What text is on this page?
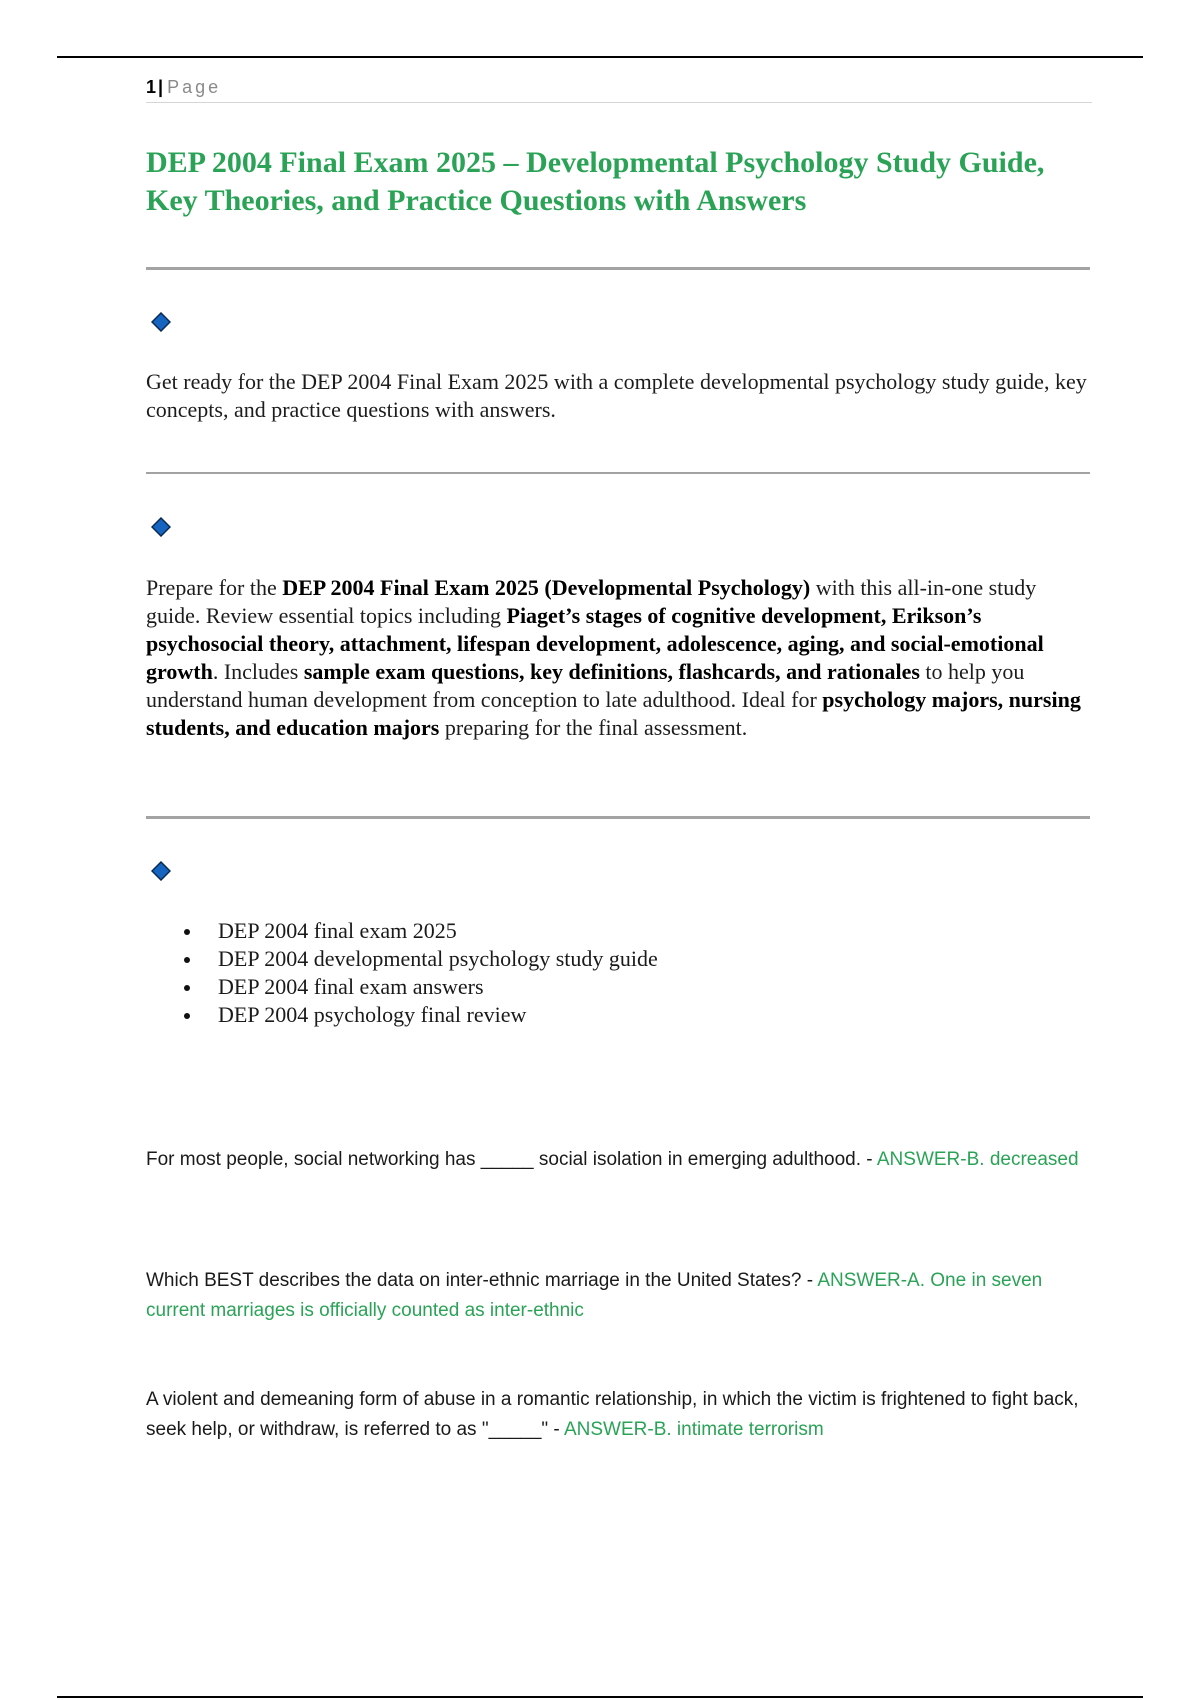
1 | Page
DEP 2004 Final Exam 2025 – Developmental Psychology Study Guide, Key Theories, and Practice Questions with Answers

Get ready for the DEP 2004 Final Exam 2025 with a complete developmental psychology study guide, key concepts, and practice questions with answers.

Prepare for the DEP 2004 Final Exam 2025 (Developmental Psychology) with this all-in-one study guide. Review essential topics including Piaget’s stages of cognitive development, Erikson’s psychosocial theory, attachment, lifespan development, adolescence, aging, and social-emotional growth. Includes sample exam questions, key definitions, flashcards, and rationales to help you understand human development from conception to late adulthood. Ideal for psychology majors, nursing students, and education majors preparing for the final assessment.

DEP 2004 final exam 2025
DEP 2004 developmental psychology study guide
DEP 2004 final exam answers
DEP 2004 psychology final review

For most people, social networking has _____ social isolation in emerging adulthood. - ANSWER-B. decreased

Which BEST describes the data on inter-ethnic marriage in the United States? - ANSWER-A. One in seven current marriages is officially counted as inter-ethnic

A violent and demeaning form of abuse in a romantic relationship, in which the victim is frightened to fight back, seek help, or withdraw, is referred to as "_____" - ANSWER-B. intimate terrorism
